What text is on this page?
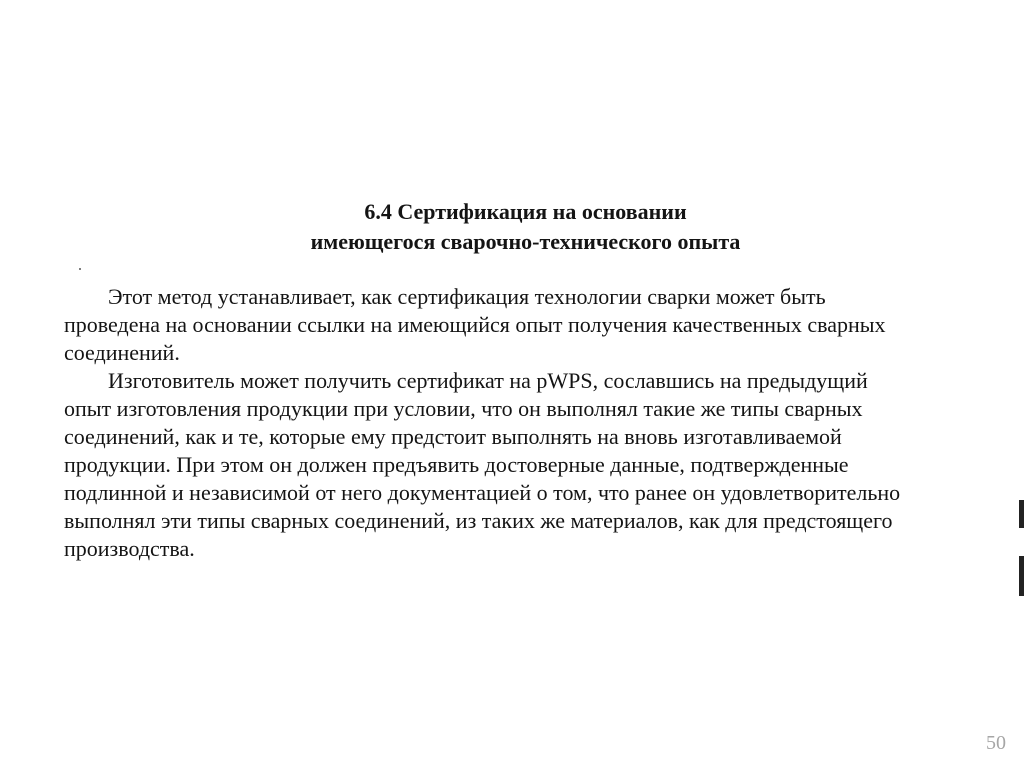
6.4 Сертификация на основании
имеющегося сварочно-технического опыта
Этот метод устанавливает, как сертификация технологии сварки может быть
проведена на основании ссылки на имеющийся опыт получения качественных сварных
соединений.
Изготовитель может получить сертификат на pWPS, сославшись на предыдущий
опыт изготовления продукции при условии, что он выполнял такие же типы сварных
соединений, как и те, которые ему предстоит выполнять на вновь изготавливаемой
продукции. При этом он должен предъявить достоверные данные, подтвержденные
подлинной и независимой от него документацией о том, что ранее он удовлетворительно
выполнял эти типы сварных соединений, из таких же материалов, как для предстоящего
производства.
50
